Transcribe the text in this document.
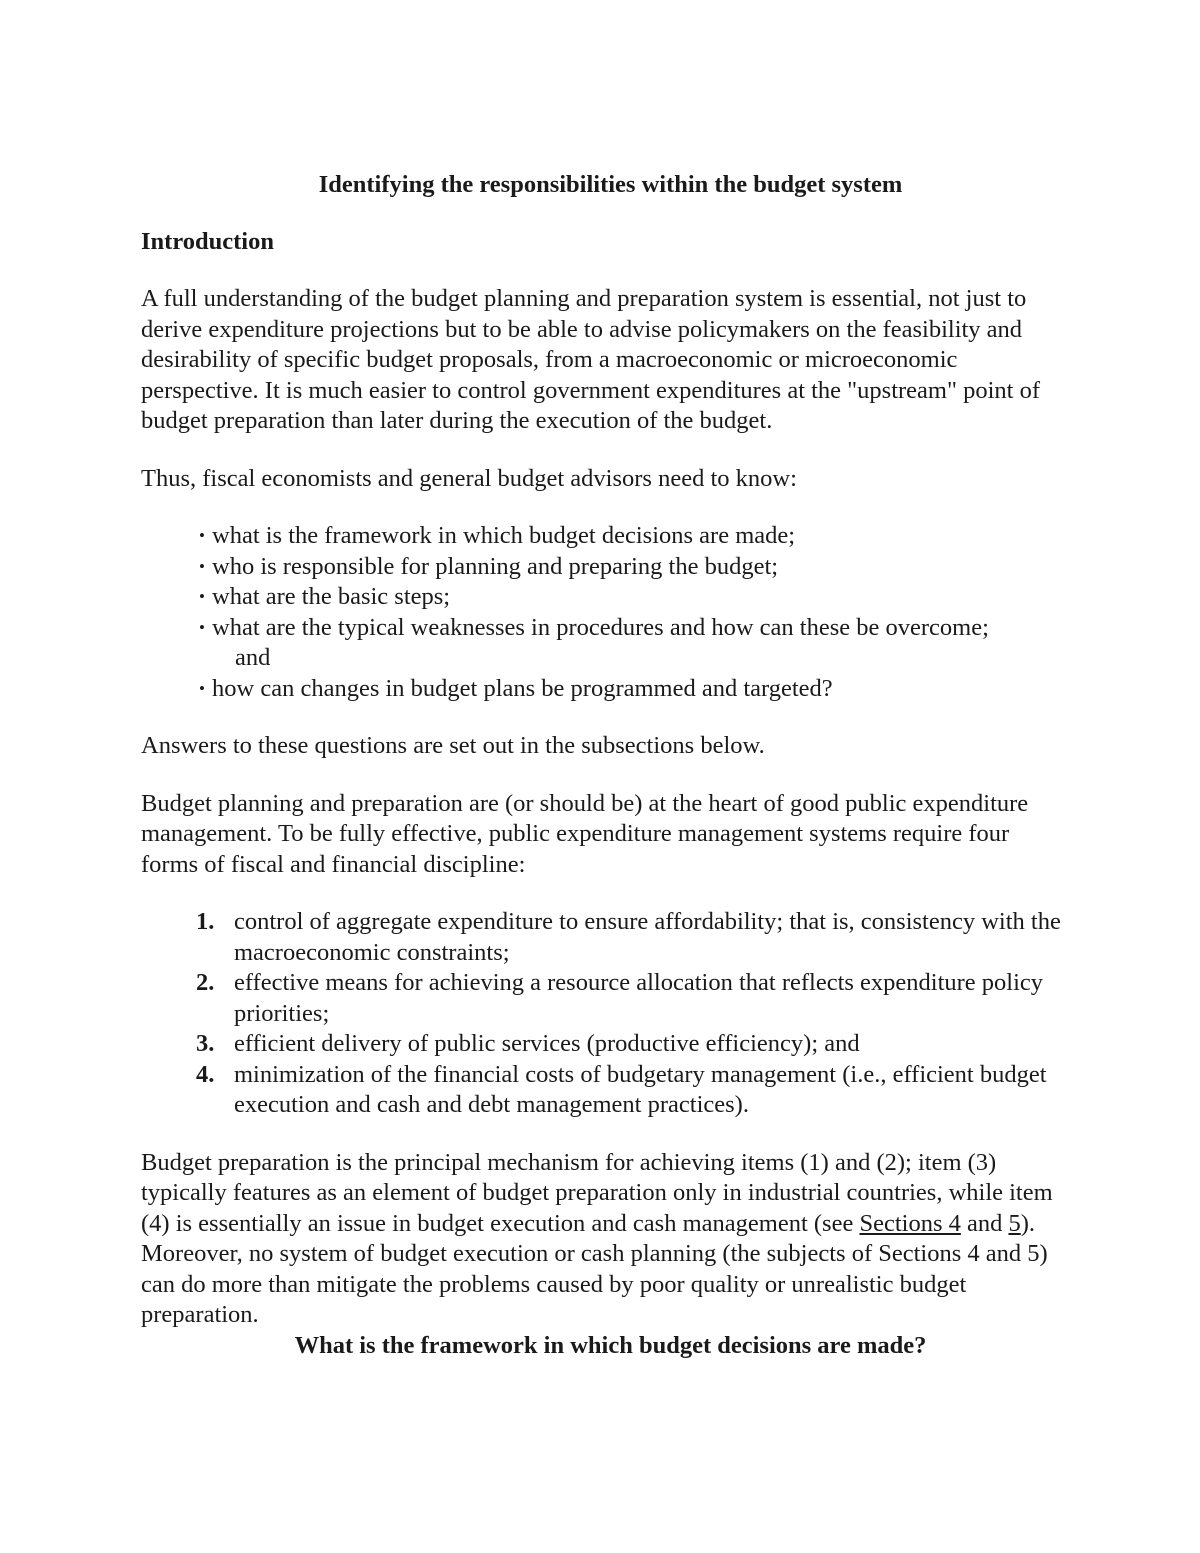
Identifying the responsibilities within the budget system

Introduction

A full understanding of the budget planning and preparation system is essential, not just to derive expenditure projections but to be able to advise policymakers on the feasibility and desirability of specific budget proposals, from a macroeconomic or microeconomic perspective. It is much easier to control government expenditures at the "upstream" point of budget preparation than later during the execution of the budget.

Thus, fiscal economists and general budget advisors need to know:

• what is the framework in which budget decisions are made;
• who is responsible for planning and preparing the budget;
• what are the basic steps;
• what are the typical weaknesses in procedures and how can these be overcome;
and
• how can changes in budget plans be programmed and targeted?

Answers to these questions are set out in the subsections below.

Budget planning and preparation are (or should be) at the heart of good public expenditure management. To be fully effective, public expenditure management systems require four forms of fiscal and financial discipline:

1. control of aggregate expenditure to ensure affordability; that is, consistency with the macroeconomic constraints;
2. effective means for achieving a resource allocation that reflects expenditure policy priorities;
3. efficient delivery of public services (productive efficiency); and
4. minimization of the financial costs of budgetary management (i.e., efficient budget execution and cash and debt management practices).

Budget preparation is the principal mechanism for achieving items (1) and (2); item (3) typically features as an element of budget preparation only in industrial countries, while item (4) is essentially an issue in budget execution and cash management (see Sections 4 and 5). Moreover, no system of budget execution or cash planning (the subjects of Sections 4 and 5) can do more than mitigate the problems caused by poor quality or unrealistic budget preparation.

What is the framework in which budget decisions are made?
